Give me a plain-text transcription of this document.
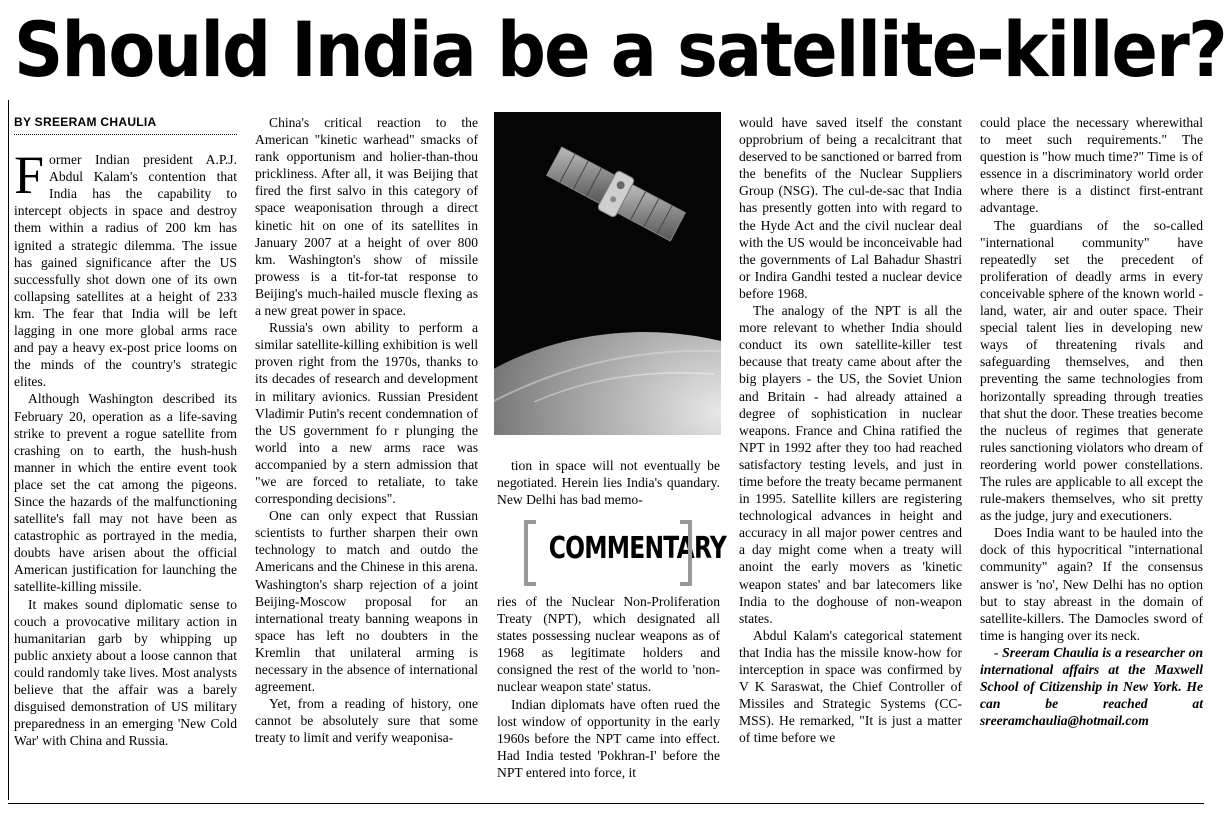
Should India be a satellite-killer?
BY SREERAM CHAULIA

Former Indian president A.P.J. Abdul Kalam's contention that India has the capability to intercept objects in space and destroy them within a radius of 200 km has ignited a strategic dilemma. The issue has gained significance after the US successfully shot down one of its own collapsing satellites at a height of 233 km. The fear that India will be left lagging in one more global arms race and pay a heavy ex-post price looms on the minds of the country's strategic elites.

Although Washington described its February 20, operation as a life-saving strike to prevent a rogue satellite from crashing on to earth, the hush-hush manner in which the entire event took place set the cat among the pigeons. Since the hazards of the malfunctioning satellite's fall may not have been as catastrophic as portrayed in the media, doubts have arisen about the official American justification for launching the satellite-killing missile.

It makes sound diplomatic sense to couch a provocative military action in humanitarian garb by whipping up public anxiety about a loose cannon that could randomly take lives. Most analysts believe that the affair was a barely disguised demonstration of US military preparedness in an emerging 'New Cold War' with China and Russia.

China's critical reaction to the American "kinetic warhead" smacks of rank opportunism and holier-than-thou prickliness. After all, it was Beijing that fired the first salvo in this category of space weaponisation through a direct kinetic hit on one of its satellites in January 2007 at a height of over 800 km. Washington's show of missile prowess is a tit-for-tat response to Beijing's much-hailed muscle flexing as a new great power in space.

Russia's own ability to perform a similar satellite-killing exhibition is well proven right from the 1970s, thanks to its decades of research and development in military avionics. Russian President Vladimir Putin's recent condemnation of the US government fo r plunging the world into a new arms race was accompanied by a stern admission that "we are forced to retaliate, to take corresponding decisions".

One can only expect that Russian scientists to further sharpen their own technology to match and outdo the Americans and the Chinese in this arena. Washington's sharp rejection of a joint Beijing-Moscow proposal for an international treaty banning weapons in space has left no doubters in the Kremlin that unilateral arming is necessary in the absence of international agreement.

Yet, from a reading of history, one cannot be absolutely sure that some treaty to limit and verify weaponisa-

tion in space will not eventually be negotiated. Herein lies India's quandary. New Delhi has bad memo-

COMMENTARY

ries of the Nuclear Non-Proliferation Treaty (NPT), which designated all states possessing nuclear weapons as of 1968 as legitimate holders and consigned the rest of the world to 'non-nuclear weapon state' status.

Indian diplomats have often rued the lost window of opportunity in the early 1960s before the NPT came into effect. Had India tested 'Pokhran-I' before the NPT entered into force, it

would have saved itself the constant opprobrium of being a recalcitrant that deserved to be sanctioned or barred from the benefits of the Nuclear Suppliers Group (NSG). The cul-de-sac that India has presently gotten into with regard to the Hyde Act and the civil nuclear deal with the US would be inconceivable had the governments of Lal Bahadur Shastri or Indira Gandhi tested a nuclear device before 1968.

The analogy of the NPT is all the more relevant to whether India should conduct its own satellite-killer test because that treaty came about after the big players - the US, the Soviet Union and Britain - had already attained a degree of sophistication in nuclear weapons. France and China ratified the NPT in 1992 after they too had reached satisfactory testing levels, and just in time before the treaty became permanent in 1995. Satellite killers are registering technological advances in height and accuracy in all major power centres and a day might come when a treaty will anoint the early movers as 'kinetic weapon states' and bar latecomers like India to the doghouse of non-weapon states.

Abdul Kalam's categorical statement that India has the missile know-how for interception in space was confirmed by V K Saraswat, the Chief Controller of Missiles and Strategic Systems (CC-MSS). He remarked, "It is just a matter of time before we

could place the necessary wherewithal to meet such requirements." The question is "how much time?" Time is of essence in a discriminatory world order where there is a distinct first-entrant advantage.

The guardians of the so-called "international community" have repeatedly set the precedent of proliferation of deadly arms in every conceivable sphere of the known world - land, water, air and outer space. Their special talent lies in developing new ways of threatening rivals and safeguarding themselves, and then preventing the same technologies from horizontally spreading through treaties that shut the door. These treaties become the nucleus of regimes that generate rules sanctioning violators who dream of reordering world power constellations. The rules are applicable to all except the rule-makers themselves, who sit pretty as the judge, jury and executioners.

Does India want to be hauled into the dock of this hypocritical "international community" again? If the consensus answer is 'no', New Delhi has no option but to stay abreast in the domain of satellite-killers. The Damocles sword of time is hanging over its neck.

- Sreeram Chaulia is a researcher on international affairs at the Maxwell School of Citizenship in New York. He can be reached at sreeramchaulia@hotmail.com
